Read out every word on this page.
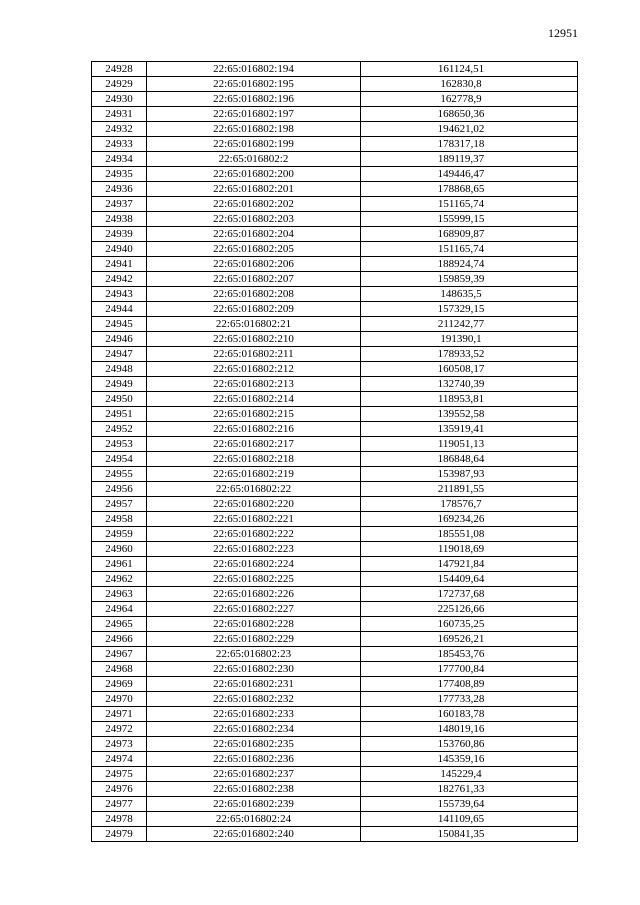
12951
24928	22:65:016802:194	161124,51
24929	22:65:016802:195	162830,8
24930	22:65:016802:196	162778,9
24931	22:65:016802:197	168650,36
24932	22:65:016802:198	194621,02
24933	22:65:016802:199	178317,18
24934	22:65:016802:2	189119,37
24935	22:65:016802:200	149446,47
24936	22:65:016802:201	178868,65
24937	22:65:016802:202	151165,74
24938	22:65:016802:203	155999,15
24939	22:65:016802:204	168909,87
24940	22:65:016802:205	151165,74
24941	22:65:016802:206	188924,74
24942	22:65:016802:207	159859,39
24943	22:65:016802:208	148635,5
24944	22:65:016802:209	157329,15
24945	22:65:016802:21	211242,77
24946	22:65:016802:210	191390,1
24947	22:65:016802:211	178933,52
24948	22:65:016802:212	160508,17
24949	22:65:016802:213	132740,39
24950	22:65:016802:214	118953,81
24951	22:65:016802:215	139552,58
24952	22:65:016802:216	135919,41
24953	22:65:016802:217	119051,13
24954	22:65:016802:218	186848,64
24955	22:65:016802:219	153987,93
24956	22:65:016802:22	211891,55
24957	22:65:016802:220	178576,7
24958	22:65:016802:221	169234,26
24959	22:65:016802:222	185551,08
24960	22:65:016802:223	119018,69
24961	22:65:016802:224	147921,84
24962	22:65:016802:225	154409,64
24963	22:65:016802:226	172737,68
24964	22:65:016802:227	225126,66
24965	22:65:016802:228	160735,25
24966	22:65:016802:229	169526,21
24967	22:65:016802:23	185453,76
24968	22:65:016802:230	177700,84
24969	22:65:016802:231	177408,89
24970	22:65:016802:232	177733,28
24971	22:65:016802:233	160183,78
24972	22:65:016802:234	148019,16
24973	22:65:016802:235	153760,86
24974	22:65:016802:236	145359,16
24975	22:65:016802:237	145229,4
24976	22:65:016802:238	182761,33
24977	22:65:016802:239	155739,64
24978	22:65:016802:24	141109,65
24979	22:65:016802:240	150841,35
